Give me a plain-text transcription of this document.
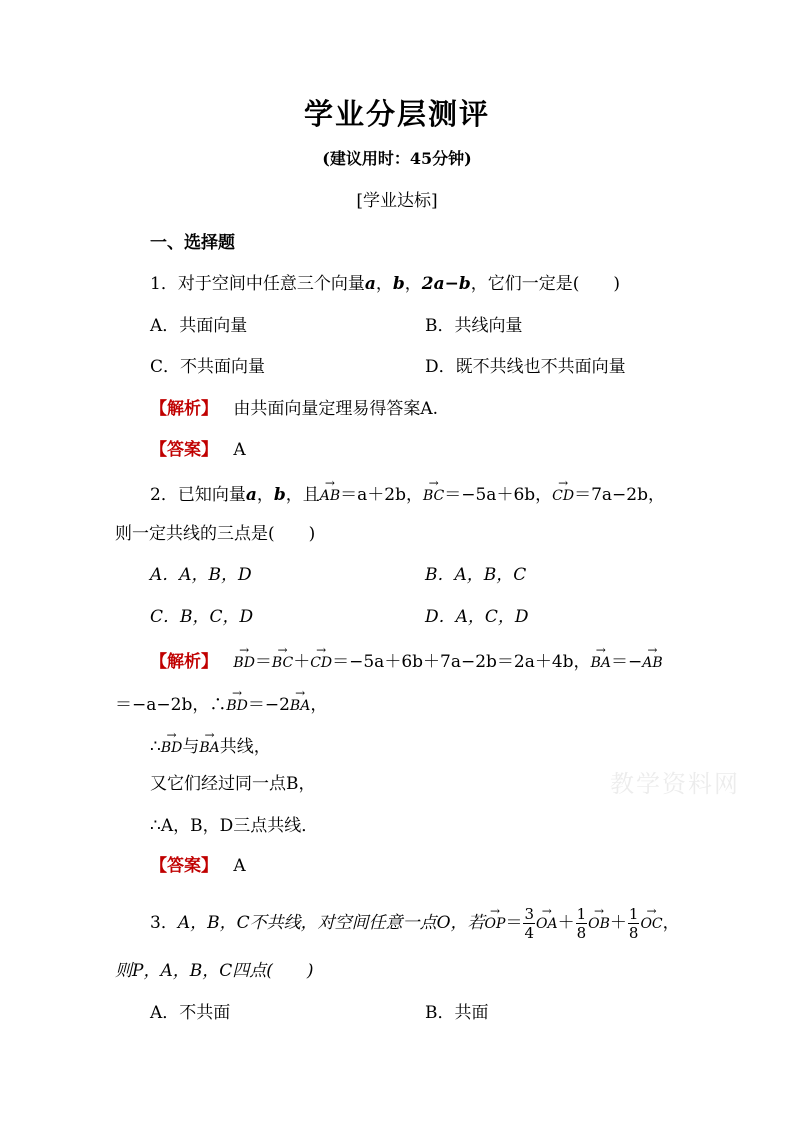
学业分层测评
(建议用时：45分钟)
[学业达标]
一、选择题
1．对于空间中任意三个向量a，b，2a−b，它们一定是(　　)
A．共面向量	B．共线向量
C．不共面向量	D．既不共线也不共面向量
【解析】 由共面向量定理易得答案A.
【答案】 A
2．已知向量a，b，且→ AB＝a＋2b，→ BC＝−5a＋6b，→ CD＝7a−2b，
则一定共线的三点是(　　)
A．A，B，D	B．A，B，C
C．B，C，D	D．A，C，D
【解析】 → BD＝→ BC＋→ CD＝−5a＋6b＋7a−2b＝2a＋4b，→ BA＝−→ AB
＝−a−2b，∴→ BD＝−2→ BA，
∴→ BD与→ BA共线，
又它们经过同一点B，
∴A，B，D三点共线．
【答案】 A
3．A，B，C不共线，对空间任意一点O，若→ $OP= \frac{3}{4}$
→ $OA+ \frac{1}{8}$
→ $OB+ \frac{1}{8}$
→ OC，
则P，A，B，C四点(　　)
A．不共面	B．共面
教学资料网
